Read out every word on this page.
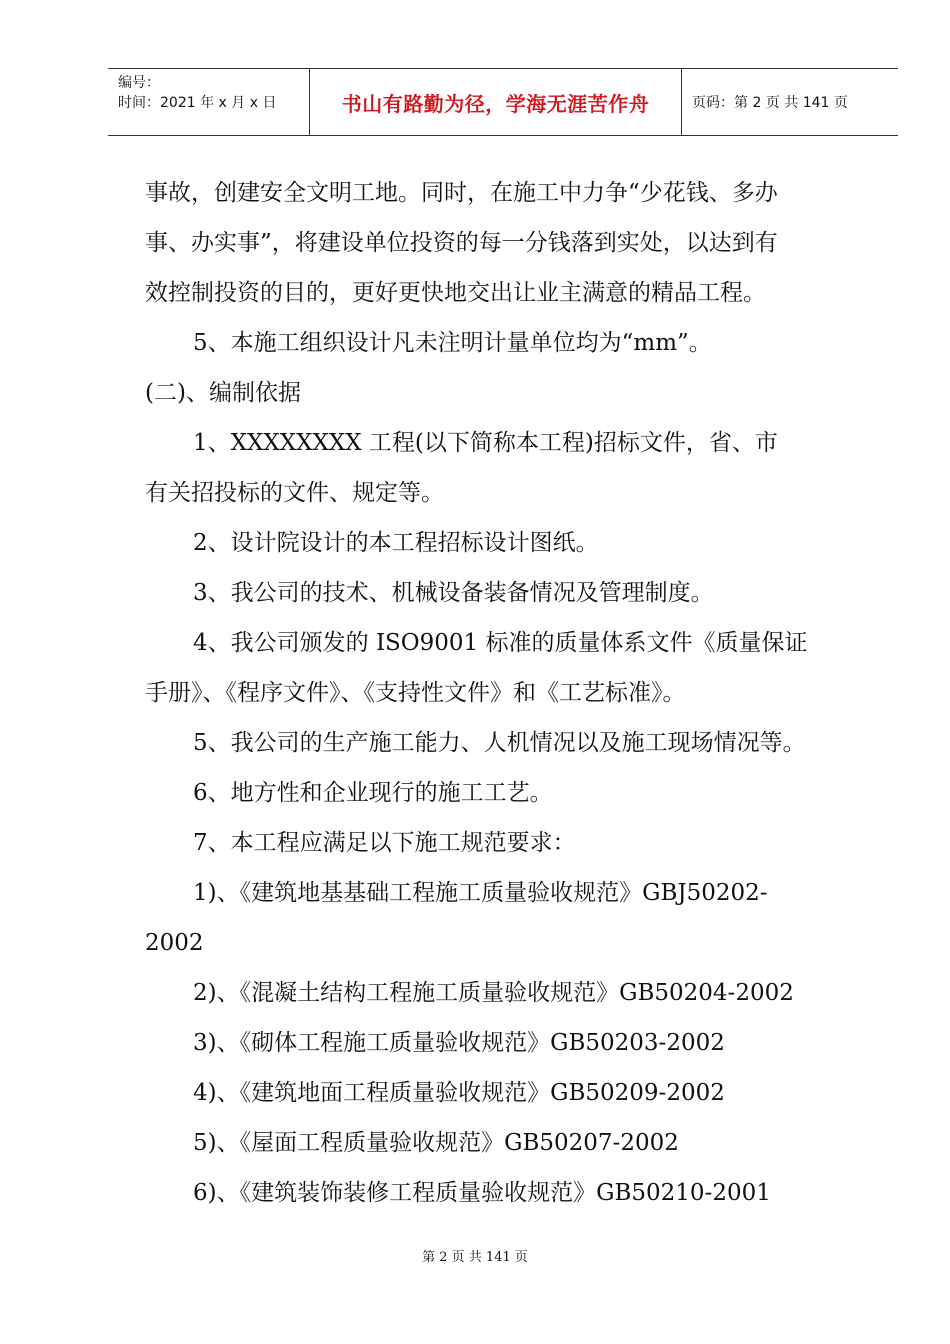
编号：
时间：2021 年 x 月 x 日	书山有路勤为径，学海无涯苦作舟	页码：第 2 页 共 141 页

事故，创建安全文明工地。同时，在施工中力争“少花钱、多办

事、办实事”，将建设单位投资的每一分钱落到实处，以达到有

效控制投资的目的，更好更快地交出让业主满意的精品工程。

5、本施工组织设计凡未注明计量单位均为“mm”。

(二)、编制依据

1、XXXXXXXX 工程(以下简称本工程)招标文件，省、市

有关招投标的文件、规定等。

2、设计院设计的本工程招标设计图纸。

3、我公司的技术、机械设备装备情况及管理制度。

4、我公司颁发的 ISO9001 标准的质量体系文件《质量保证

手册》、《程序文件》、《支持性文件》和《工艺标准》。

5、我公司的生产施工能力、人机情况以及施工现场情况等。

6、地方性和企业现行的施工工艺。

7、本工程应满足以下施工规范要求：

1)、《建筑地基基础工程施工质量验收规范》GBJ50202-

2002

2)、《混凝土结构工程施工质量验收规范》GB50204-2002

3)、《砌体工程施工质量验收规范》GB50203-2002

4)、《建筑地面工程质量验收规范》GB50209-2002

5)、《屋面工程质量验收规范》GB50207-2002

6)、《建筑装饰装修工程质量验收规范》GB50210-2001

第 2 页 共 141 页
